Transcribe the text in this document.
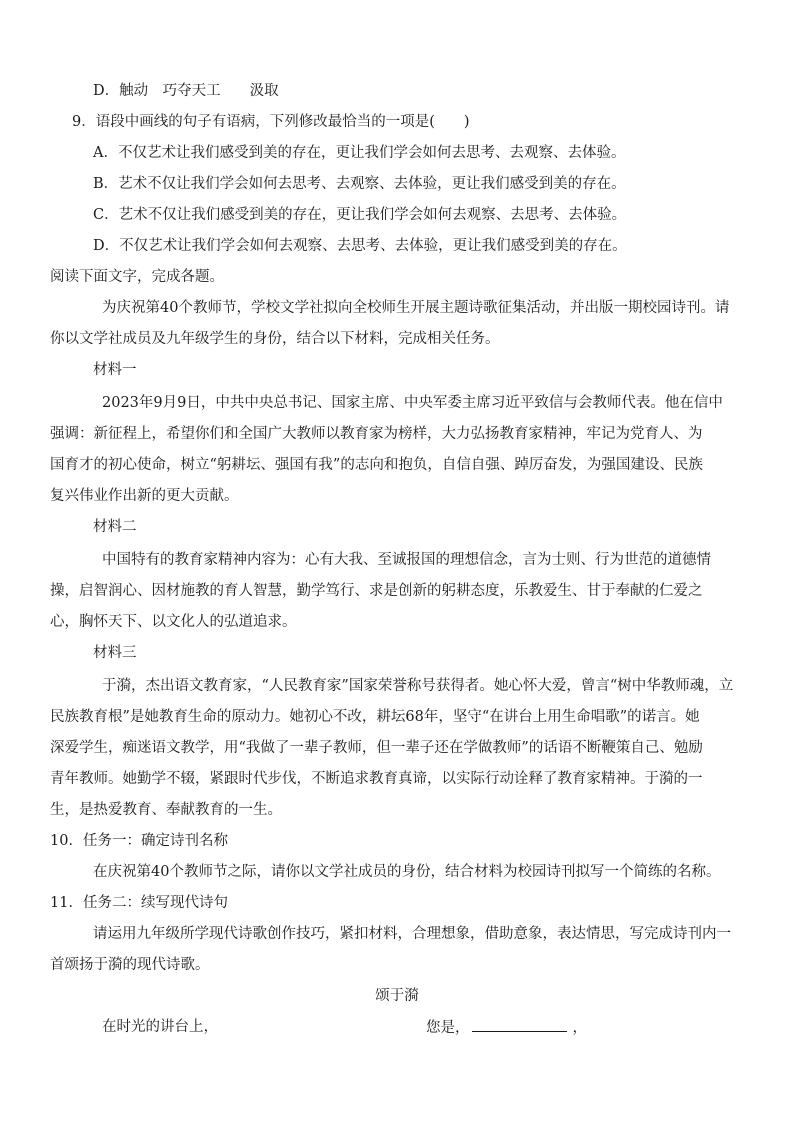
D．触动　巧夺天工　　汲取
9．语段中画线的句子有语病，下列修改最恰当的一项是(　　)
A．不仅艺术让我们感受到美的存在，更让我们学会如何去思考、去观察、去体验。
B．艺术不仅让我们学会如何去思考、去观察、去体验，更让我们感受到美的存在。
C．艺术不仅让我们感受到美的存在，更让我们学会如何去观察、去思考、去体验。
D．不仅艺术让我们学会如何去观察、去思考、去体验，更让我们感受到美的存在。
阅读下面文字，完成各题。
为庆祝第40个教师节，学校文学社拟向全校师生开展主题诗歌征集活动，并出版一期校园诗刊。请
你以文学社成员及九年级学生的身份，结合以下材料，完成相关任务。
材料一
2023年9月9日，中共中央总书记、国家主席、中央军委主席习近平致信与会教师代表。他在信中
强调：新征程上，希望你们和全国广大教师以教育家为榜样，大力弘扬教育家精神，牢记为党育人、为
国育才的初心使命，树立“躬耕坛、强国有我”的志向和抱负，自信自强、踔厉奋发，为强国建设、民族
复兴伟业作出新的更大贡献。
材料二
中国特有的教育家精神内容为：心有大我、至诚报国的理想信念，言为士则、行为世范的道德情
操，启智润心、因材施教的育人智慧，勤学笃行、求是创新的躬耕态度，乐教爱生、甘于奉献的仁爱之
心，胸怀天下、以文化人的弘道追求。
材料三
于漪，杰出语文教育家，“人民教育家”国家荣誉称号获得者。她心怀大爱，曾言“树中华教师魂，立
民族教育根”是她教育生命的原动力。她初心不改，耕坛68年，坚守“在讲台上用生命唱歌”的诺言。她
深爱学生，痴迷语文教学，用“我做了一辈子教师，但一辈子还在学做教师”的话语不断鞭策自己、勉励
青年教师。她勤学不辍，紧跟时代步伐，不断追求教育真谛，以实际行动诠释了教育家精神。于漪的一
生，是热爱教育、奉献教育的一生。
10．任务一：确定诗刊名称
在庆祝第40个教师节之际，请你以文学社成员的身份，结合材料为校园诗刊拟写一个简练的名称。
11．任务二：续写现代诗句
请运用九年级所学现代诗歌创作技巧，紧扣材料，合理想象，借助意象，表达情思，写完成诗刊内一
首颂扬于漪的现代诗歌。
颂于漪
在时光的讲台上，	您是，	，
